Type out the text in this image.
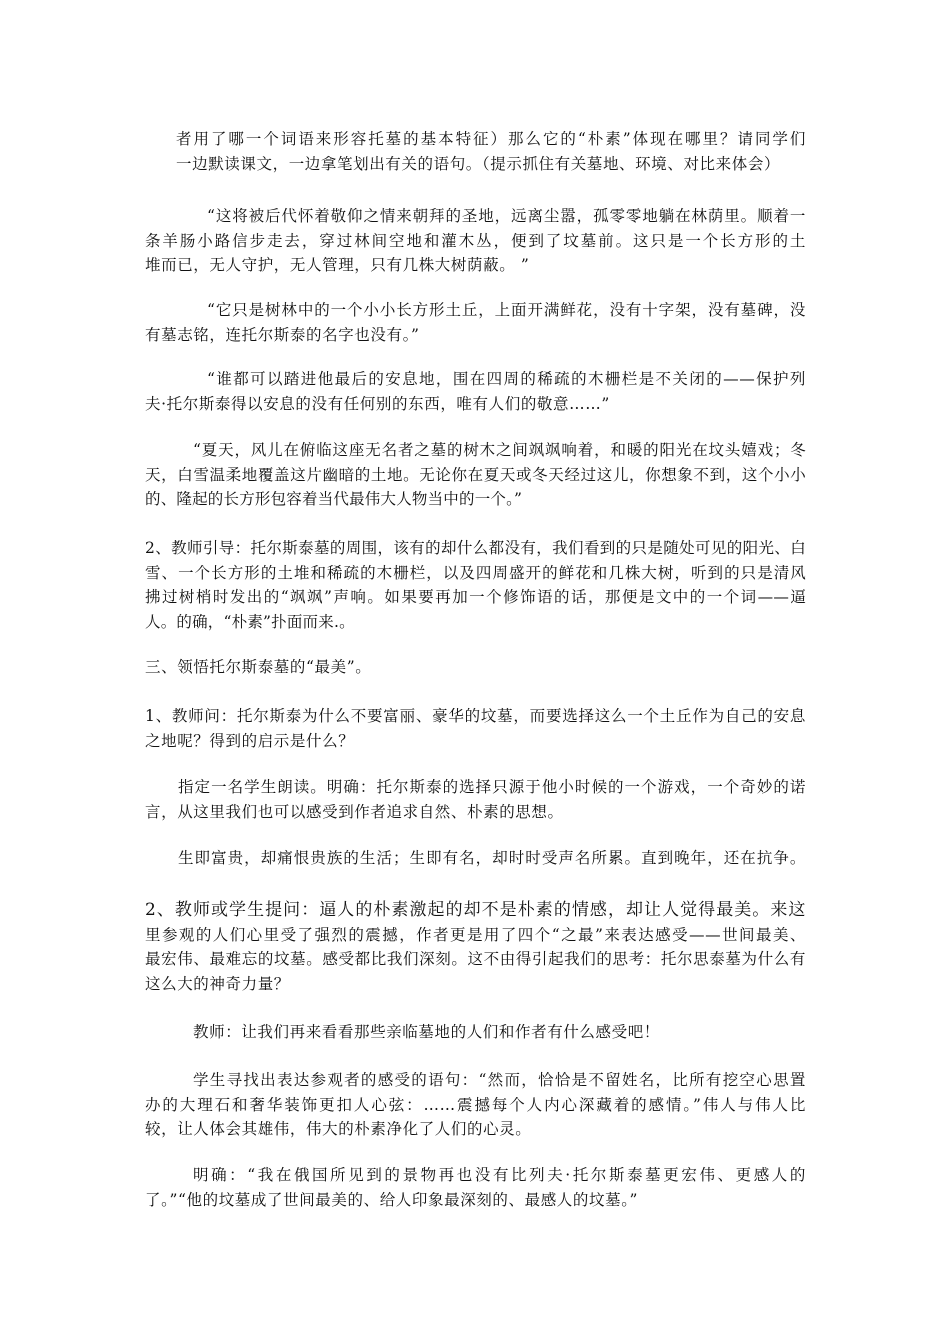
者用了哪一个词语来形容托墓的基本特征）那么它的“朴素”体现在哪里？请同学们
一边默读课文，一边拿笔划出有关的语句。（提示抓住有关墓地、环境、对比来体会）
“这将被后代怀着敬仰之情来朝拜的圣地，远离尘嚣，孤零零地躺在林荫里。顺着一
条羊肠小路信步走去，穿过林间空地和灌木丛，便到了坟墓前。这只是一个长方形的土
堆而已，无人守护，无人管理，只有几株大树荫蔽。 ”
“它只是树林中的一个小小长方形土丘，上面开满鲜花，没有十字架，没有墓碑，没
有墓志铭，连托尔斯泰的名字也没有。”
“谁都可以踏进他最后的安息地，围在四周的稀疏的木栅栏是不关闭的——保护列
夫·托尔斯泰得以安息的没有任何别的东西，唯有人们的敬意……”
“夏天，风儿在俯临这座无名者之墓的树木之间飒飒响着，和暖的阳光在坟头嬉戏；冬
天，白雪温柔地覆盖这片幽暗的土地。无论你在夏天或冬天经过这儿，你想象不到，这个小小
的、隆起的长方形包容着当代最伟大人物当中的一个。”
2、教师引导：托尔斯泰墓的周围，该有的却什么都没有，我们看到的只是随处可见的阳光、白
雪、一个长方形的土堆和稀疏的木栅栏，以及四周盛开的鲜花和几株大树，听到的只是清风
拂过树梢时发出的“飒飒”声响。如果要再加一个修饰语的话，那便是文中的一个词——逼
人。的确，“朴素”扑面而来.。
三、领悟托尔斯泰墓的“最美”。
1、教师问：托尔斯泰为什么不要富丽、豪华的坟墓，而要选择这么一个土丘作为自己的安息
之地呢？得到的启示是什么？
指定一名学生朗读。明确：托尔斯泰的选择只源于他小时候的一个游戏，一个奇妙的诺
言，从这里我们也可以感受到作者追求自然、朴素的思想。
生即富贵，却痛恨贵族的生活；生即有名，却时时受声名所累。直到晚年，还在抗争。
2、教师或学生提问：逼人的朴素激起的却不是朴素的情感，却让人觉得最美。来这
里参观的人们心里受了强烈的震撼，作者更是用了四个“之最”来表达感受——世间最美、
最宏伟、最难忘的坟墓。感受都比我们深刻。这不由得引起我们的思考：托尔思泰墓为什么有
这么大的神奇力量？
教师：让我们再来看看那些亲临墓地的人们和作者有什么感受吧！
学生寻找出表达参观者的感受的语句：“然而，恰恰是不留姓名，比所有挖空心思置
办的大理石和奢华装饰更扣人心弦：……震撼每个人内心深藏着的感情。”伟人与伟人比
较，让人体会其雄伟，伟大的朴素净化了人们的心灵。
明确：“我在俄国所见到的景物再也没有比列夫·托尔斯泰墓更宏伟、更感人的
了。”“他的坟墓成了世间最美的、给人印象最深刻的、最感人的坟墓。”
